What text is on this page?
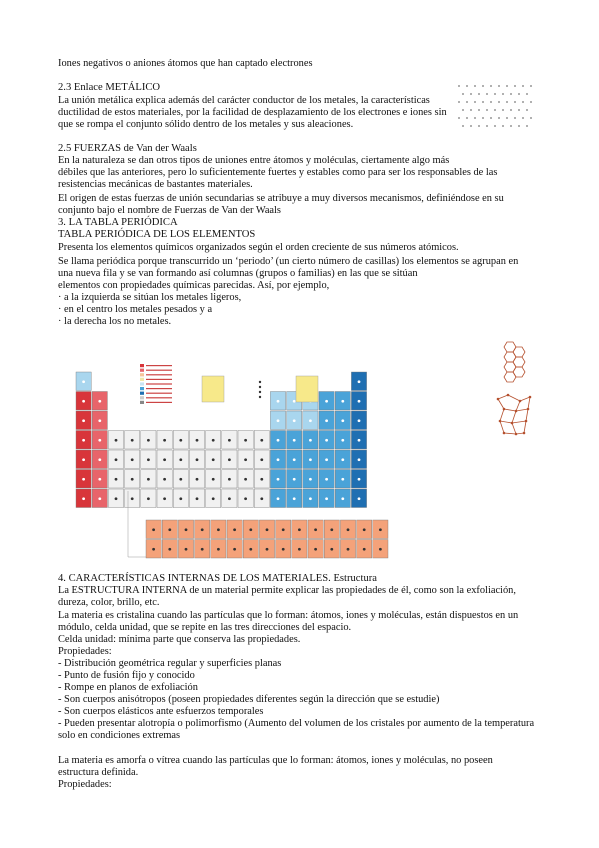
Iones negativos o aniones átomos que han captado electrones
2.3 Enlace METÁLICO
La unión metálica explica además del carácter conductor de los metales, la características
ductilidad de estos materiales, por la facilidad de desplazamiento de los electrones e iones sin
que se rompa el conjunto sólido dentro de los metales y sus aleaciones.
2.5 FUERZAS de Van der Waals
En la naturaleza se dan otros tipos de uniones entre átomos y moléculas, ciertamente algo más
débiles que las anteriores, pero lo suficientemente fuertes y estables como para ser los responsables de las
resistencias mecánicas de bastantes materiales.
El origen de estas fuerzas de unión secundarias se atribuye a muy diversos mecanismos, definiéndose en su
conjunto bajo el nombre de Fuerzas de Van der Waals
3. LA TABLA PERIÓDICA
TABLA PERIÓDICA DE LOS ELEMENTOS
Presenta los elementos químicos organizados según el orden creciente de sus números atómicos.
Se llama periódica porque transcurrido un ‘periodo’ (un cierto número de casillas) los elementos se agrupan en
una nueva fila y se van formando así columnas (grupos o familias) en las que se sitúan
elementos con propiedades químicas parecidas. Así, por ejemplo,
· a la izquierda se sitúan los metales ligeros,
· en el centro los metales pesados y a
· la derecha los no metales.
4. CARACTERÍSTICAS INTERNAS DE LOS MATERIALES. Estructura
La ESTRUCTURA INTERNA de un material permite explicar las propiedades de él, como son la exfoliación,
dureza, color, brillo, etc.
La materia es cristalina cuando las partículas que lo forman: átomos, iones y moléculas, están dispuestos en un
módulo, celda unidad, que se repite en las tres direcciones del espacio.
Celda unidad: mínima parte que conserva las propiedades.
Propiedades:
- Distribución geométrica regular y superficies planas
- Punto de fusión fijo y conocido
- Rompe en planos de exfoliación
- Son cuerpos anisótropos (poseen propiedades diferentes según la dirección que se estudie)
- Son cuerpos elásticos ante esfuerzos temporales
- Pueden presentar alotropía o polimorfismo (Aumento del volumen de los cristales por aumento de la temperatura
solo en condiciones extremas
La materia es amorfa o vítrea cuando las partículas que lo forman: átomos, iones y moléculas, no poseen
estructura definida.
Propiedades:
